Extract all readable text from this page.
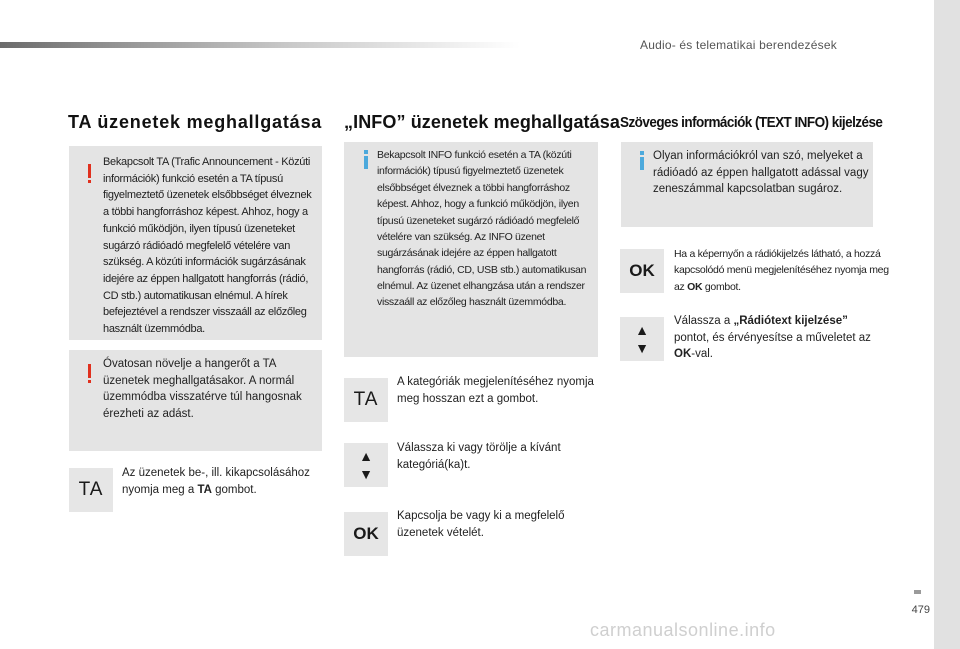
Audio- és telematikai berendezések
479
carmanualsonline.info
TA üzenetek meghallgatása

Bekapcsolt TA (Trafic Announcement - Közúti információk) funkció esetén a TA típusú figyelmeztető üzenetek elsőbbséget élveznek a többi hangforráshoz képest. Ahhoz, hogy a funkció működjön, ilyen típusú üzeneteket sugárzó rádióadó megfelelő vételére van szükség. A közúti információk sugárzásának idejére az éppen hallgatott hangforrás (rádió, CD stb.) automatikusan elnémul. A hírek befejeztével a rendszer visszaáll az előzőleg használt üzemmódba.

Óvatosan növelje a hangerőt a TA üzenetek meghallgatásakor. A normál üzemmódba visszatérve túl hangosnak érezheti az adást.

TA
Az üzenetek be-, ill. kikapcsolásához nyomja meg a TA gombot.
„INFO” üzenetek meghallgatása

Bekapcsolt INFO funkció esetén a TA (közúti információk) típusú figyelmeztető üzenetek elsőbbséget élveznek a többi hangforráshoz képest. Ahhoz, hogy a funkció működjön, ilyen típusú üzeneteket sugárzó rádióadó megfelelő vételére van szükség. Az INFO üzenet sugárzásának idejére az éppen hallgatott hangforrás (rádió, CD, USB stb.) automatikusan elnémul. Az üzenet elhangzása után a rendszer visszaáll az előzőleg használt üzemmódba.

TA
A kategóriák megjelenítéséhez nyomja meg hosszan ezt a gombot.
▲
▼
Válassza ki vagy törölje a kívánt kategóriá(ka)t.
OK
Kapcsolja be vagy ki a megfelelő üzenetek vételét.
Szöveges információk (TEXT INFO) kijelzése

Olyan információkról van szó, melyeket a rádióadó az éppen hallgatott adással vagy zeneszámmal kapcsolatban sugároz.

OK
Ha a képernyőn a rádiókijelzés látható, a hozzá kapcsolódó menü megjelenítéséhez nyomja meg az OK gombot.
▲
▼
Válassza a „Rádiótext kijelzése” pontot, és érvényesítse a műveletet az OK-val.
